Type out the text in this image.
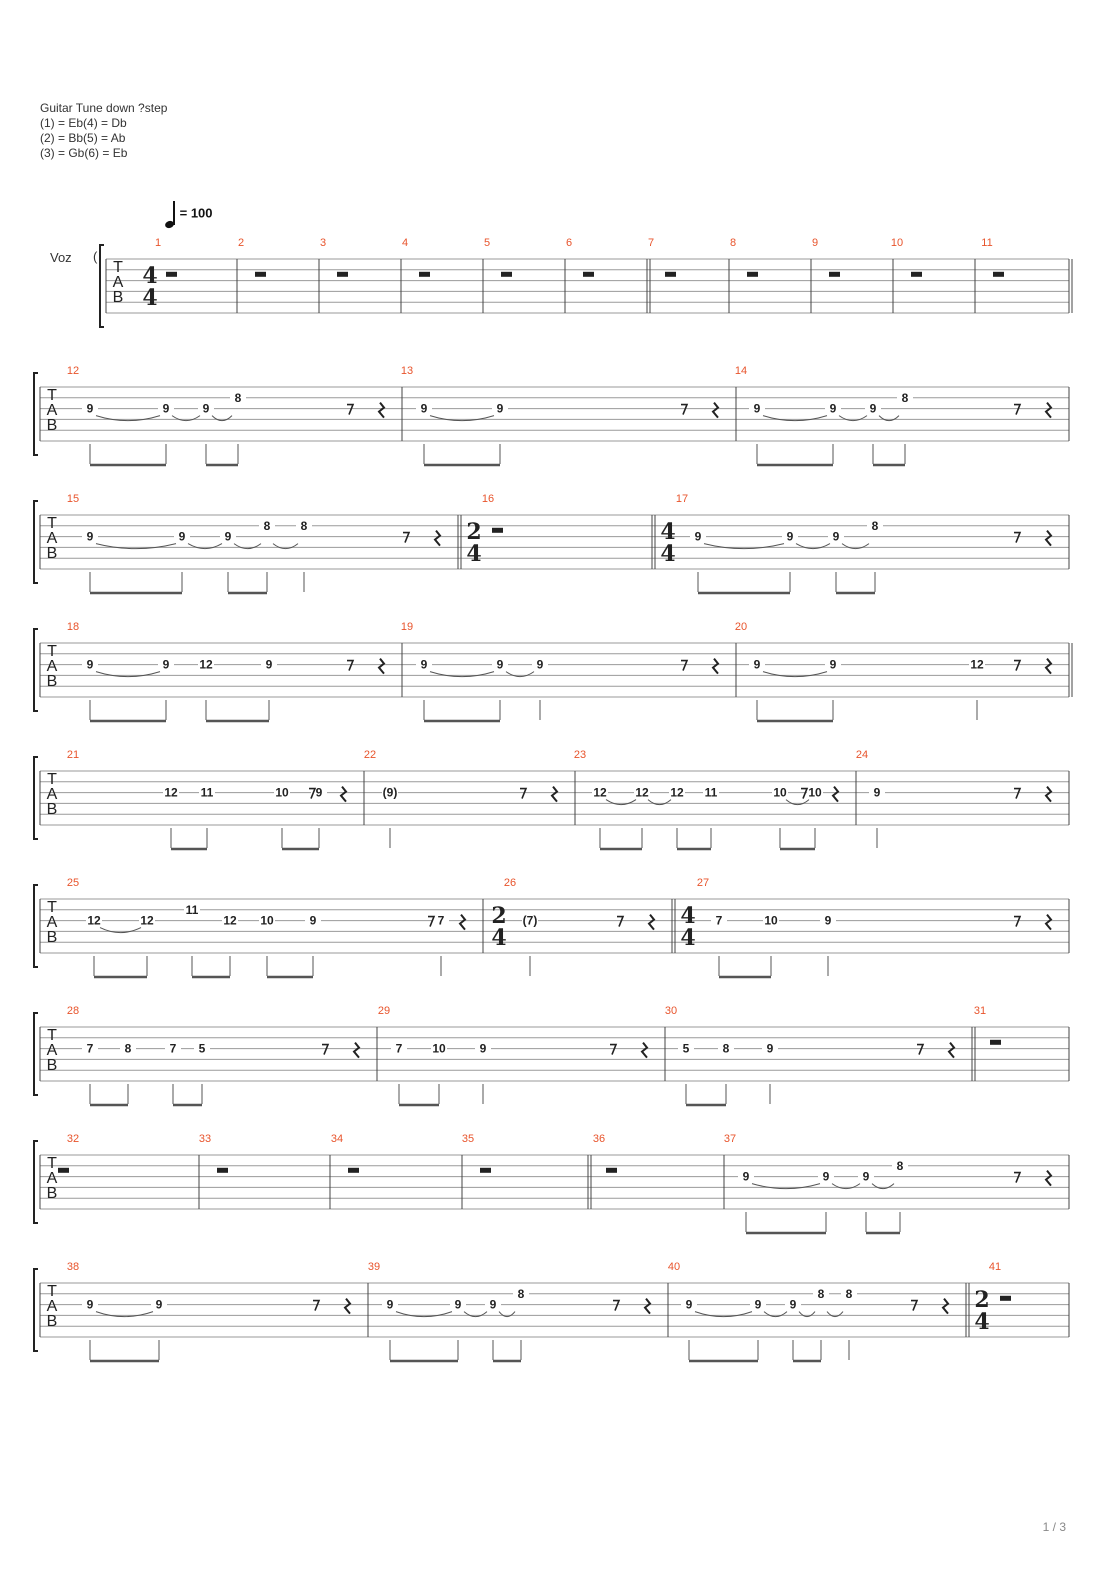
Guitar Tune down ?step
(1) = Eb(4) = Db
(2) = Bb(5) = Ab
(3) = Gb(6) = Eb
= 100
Voz (
T
A
B
1
4
4
2	3	4	5	6	7	8	9	10	11
T
A
B
12
9	9	9
8
13
9	9
14
9	9	9
8
T
A
B
15
9	9	9
8	8
16
2
4
17
4
4
9	9	9
8
T
A
B
18
9	9 12	9
19
9	9	9
20
9	9	12
T
A
B
21
12 11	10 9
22
(9)
23
12 12 12 11	10 10
24
9
T
A
B
25
12	12
11
12 10	9	7
26
2
4
(7)
27
4
4
7	10	9
T
A
B
28
7	8	7 5
29
7 10	9
30
5	8	9
31
T
A
B
32	33	34	35	36	37
9	9	9
8
T
A
B
38
9	9
39
9	9 9
8
40
9	9 9
8 8
41
2
4
1 / 3
